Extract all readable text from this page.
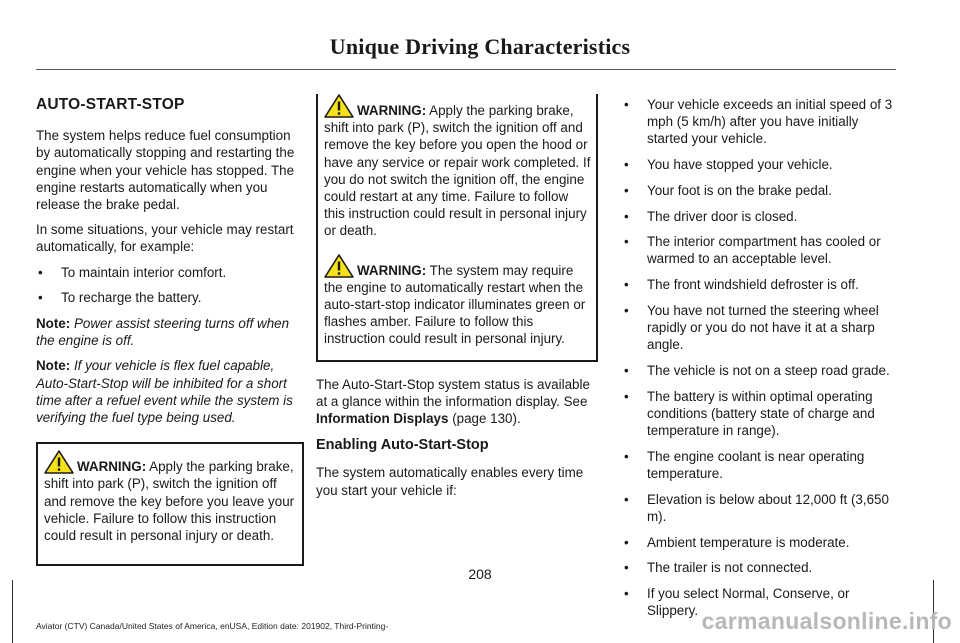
Unique Driving Characteristics
AUTO-START-STOP

The system helps reduce fuel consumption by automatically stopping and restarting the engine when your vehicle has stopped. The engine restarts automatically when you release the brake pedal.

In some situations, your vehicle may restart automatically, for example:

• To maintain interior comfort.
• To recharge the battery.

Note: Power assist steering turns off when the engine is off.

Note: If your vehicle is flex fuel capable, Auto-Start-Stop will be inhibited for a short time after a refuel event while the system is verifying the fuel type being used.

WARNING: Apply the parking brake, shift into park (P), switch the ignition off and remove the key before you leave your vehicle. Failure to follow this instruction could result in personal injury or death.

WARNING: Apply the parking brake, shift into park (P), switch the ignition off and remove the key before you open the hood or have any service or repair work completed. If you do not switch the ignition off, the engine could restart at any time. Failure to follow this instruction could result in personal injury or death.

WARNING: The system may require the engine to automatically restart when the auto-start-stop indicator illuminates green or flashes amber. Failure to follow this instruction could result in personal injury.

The Auto-Start-Stop system status is available at a glance within the information display. See Information Displays (page 130).

Enabling Auto-Start-Stop

The system automatically enables every time you start your vehicle if:

• Your vehicle exceeds an initial speed of 3 mph (5 km/h) after you have initially started your vehicle.
• You have stopped your vehicle.
• Your foot is on the brake pedal.
• The driver door is closed.
• The interior compartment has cooled or warmed to an acceptable level.
• The front windshield defroster is off.
• You have not turned the steering wheel rapidly or you do not have it at a sharp angle.
• The vehicle is not on a steep road grade.
• The battery is within optimal operating conditions (battery state of charge and temperature in range).
• The engine coolant is near operating temperature.
• Elevation is below about 12,000 ft (3,650 m).
• Ambient temperature is moderate.
• The trailer is not connected.
• If you select Normal, Conserve, or Slippery.
208
Aviator (CTV) Canada/United States of America, enUSA, Edition date: 201902, Third-Printing-	carmanualsonline.info
